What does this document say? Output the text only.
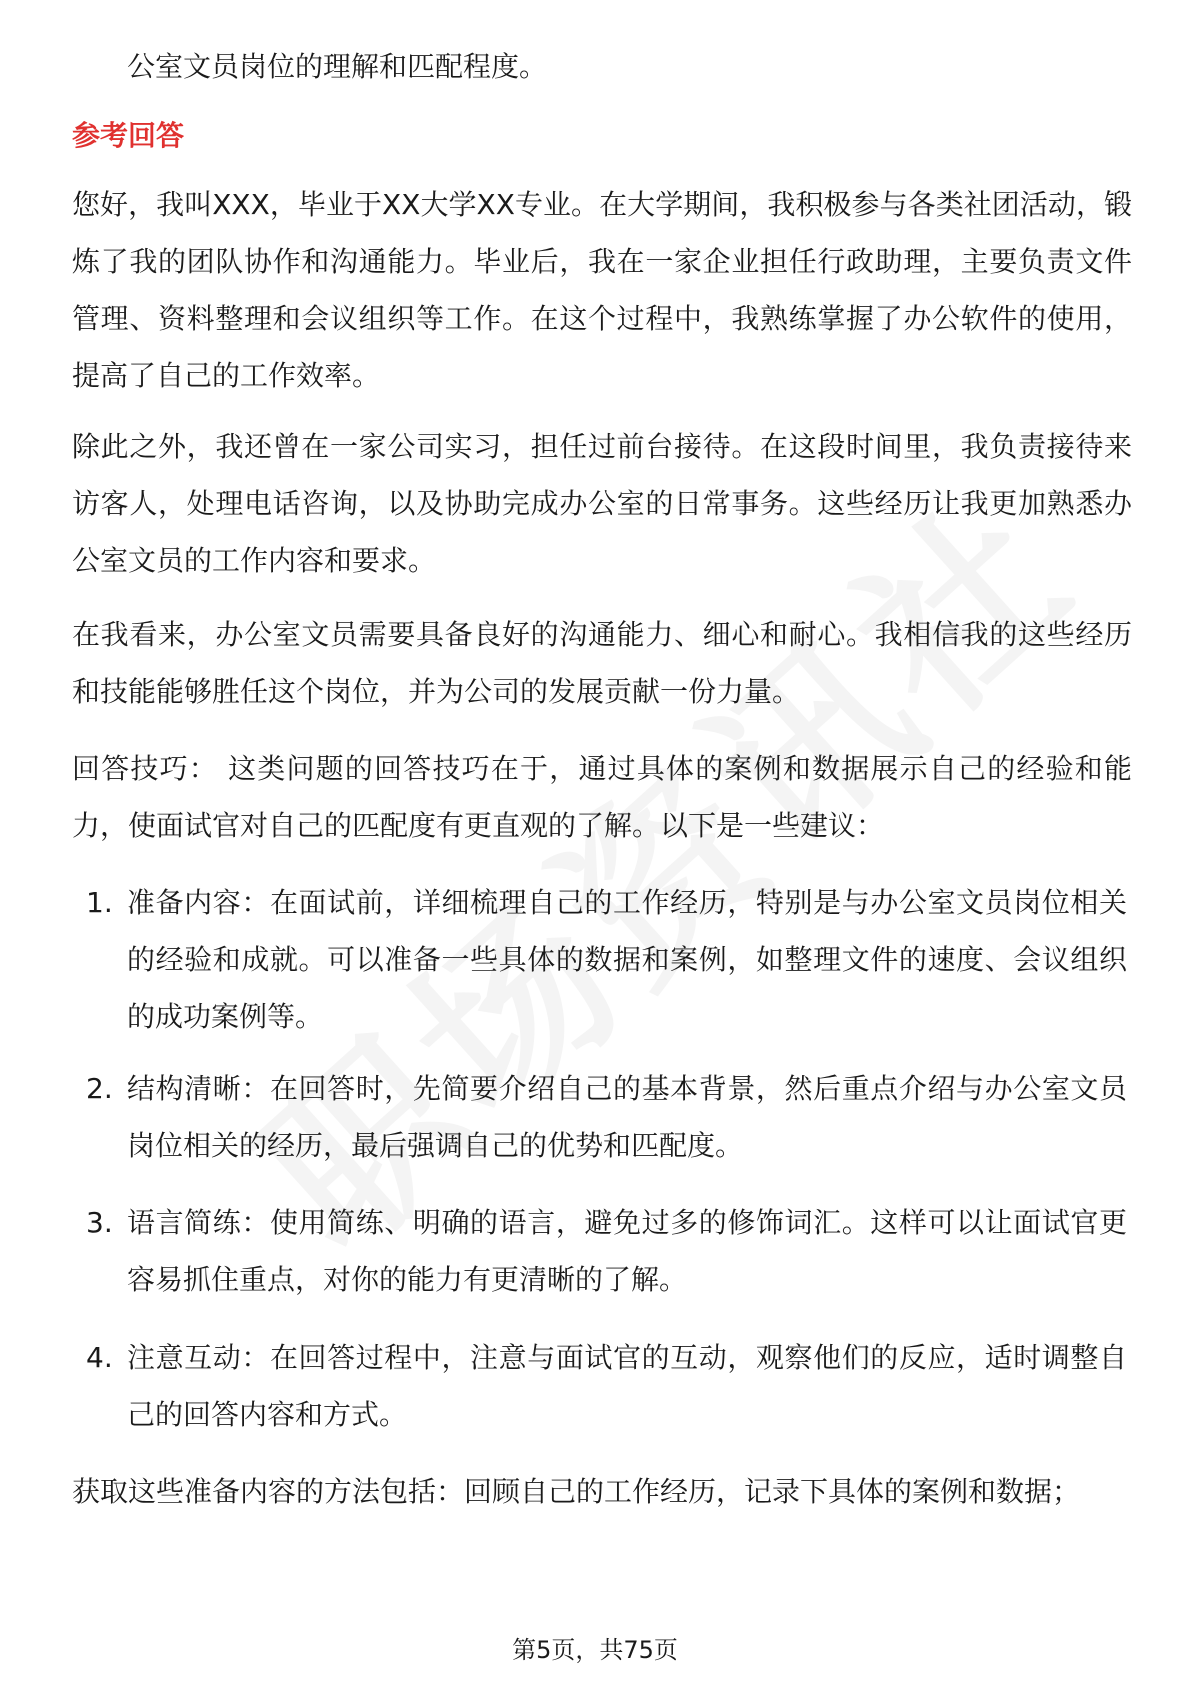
公室文员岗位的理解和匹配程度。

参考回答

您好，我叫XXX，毕业于XX大学XX专业。在大学期间，我积极参与各类社团活动，锻炼了我的团队协作和沟通能力。毕业后，我在一家企业担任行政助理，主要负责文件管理、资料整理和会议组织等工作。在这个过程中，我熟练掌握了办公软件的使用，提高了自己的工作效率。

除此之外，我还曾在一家公司实习，担任过前台接待。在这段时间里，我负责接待来访客人，处理电话咨询，以及协助完成办公室的日常事务。这些经历让我更加熟悉办公室文员的工作内容和要求。

在我看来，办公室文员需要具备良好的沟通能力、细心和耐心。我相信我的这些经历和技能能够胜任这个岗位，并为公司的发展贡献一份力量。

回答技巧： 这类问题的回答技巧在于，通过具体的案例和数据展示自己的经验和能力，使面试官对自己的匹配度有更直观的了解。以下是一些建议：

1. 准备内容：在面试前，详细梳理自己的工作经历，特别是与办公室文员岗位相关的经验和成就。可以准备一些具体的数据和案例，如整理文件的速度、会议组织的成功案例等。
2. 结构清晰：在回答时，先简要介绍自己的基本背景，然后重点介绍与办公室文员岗位相关的经历，最后强调自己的优势和匹配度。
3. 语言简练：使用简练、明确的语言，避免过多的修饰词汇。这样可以让面试官更容易抓住重点，对你的能力有更清晰的了解。
4. 注意互动：在回答过程中，注意与面试官的互动，观察他们的反应，适时调整自己的回答内容和方式。

获取这些准备内容的方法包括：回顾自己的工作经历，记录下具体的案例和数据；

第5页，共75页
